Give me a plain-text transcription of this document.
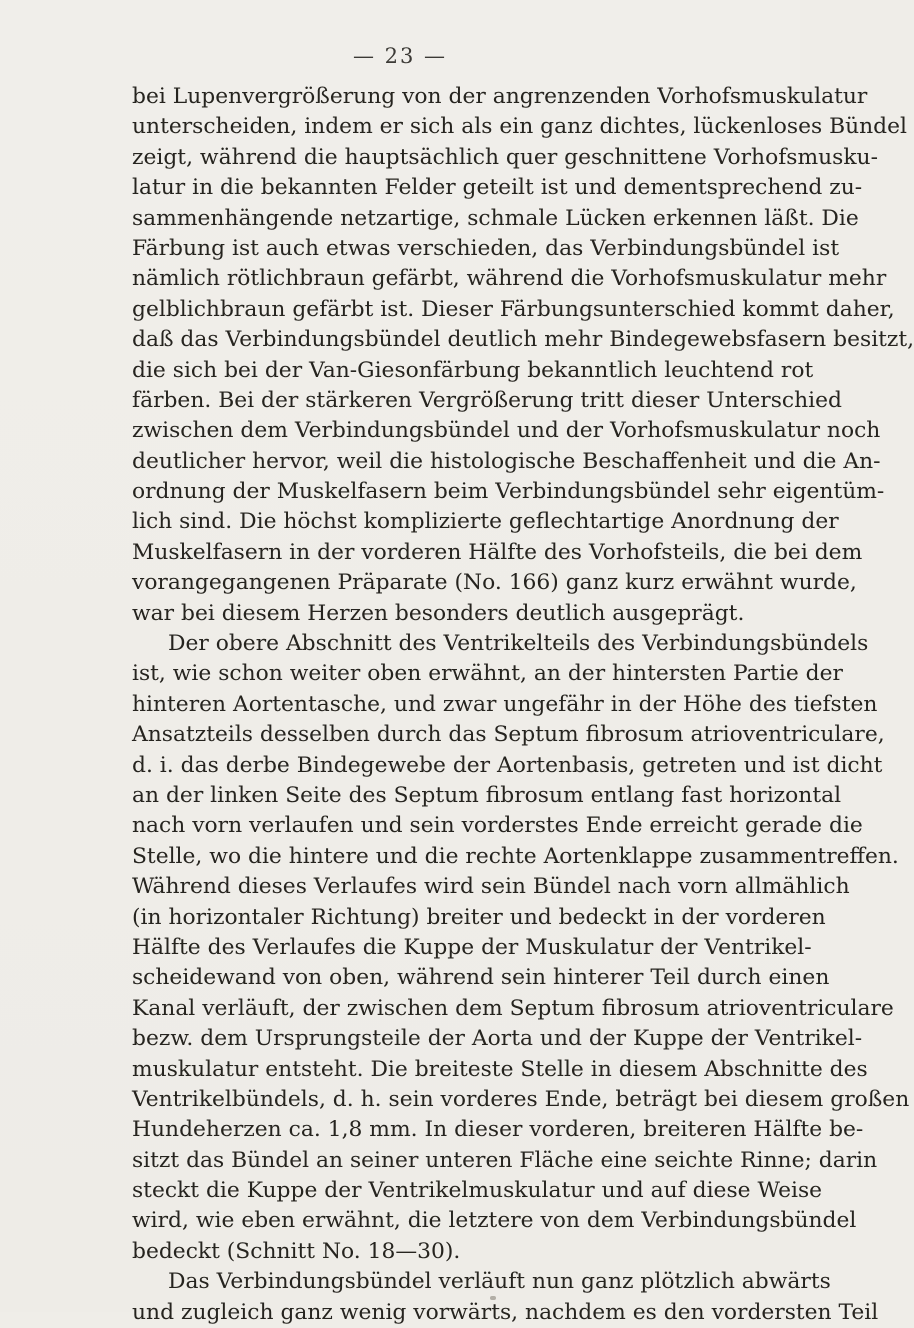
— 23 —
bei Lupenvergrößerung von der angrenzenden Vorhofsmuskulatur
unterscheiden, indem er sich als ein ganz dichtes, lückenloses Bündel
zeigt, während die hauptsächlich quer geschnittene Vorhofsmusku-
latur in die bekannten Felder geteilt ist und dementsprechend zu-
sammenhängende netzartige, schmale Lücken erkennen läßt. Die
Färbung ist auch etwas verschieden, das Verbindungsbündel ist
nämlich rötlichbraun gefärbt, während die Vorhofsmuskulatur mehr
gelblichbraun gefärbt ist. Dieser Färbungsunterschied kommt daher,
daß das Verbindungsbündel deutlich mehr Bindegewebsfasern besitzt,
die sich bei der Van-Giesonfärbung bekanntlich leuchtend rot
färben. Bei der stärkeren Vergrößerung tritt dieser Unterschied
zwischen dem Verbindungsbündel und der Vorhofsmuskulatur noch
deutlicher hervor, weil die histologische Beschaffenheit und die An-
ordnung der Muskelfasern beim Verbindungsbündel sehr eigentüm-
lich sind. Die höchst komplizierte geflechtartige Anordnung der
Muskelfasern in der vorderen Hälfte des Vorhofsteils, die bei dem
vorangegangenen Präparate (No. 166) ganz kurz erwähnt wurde,
war bei diesem Herzen besonders deutlich ausgeprägt.
Der obere Abschnitt des Ventrikelteils des Verbindungsbündels
ist, wie schon weiter oben erwähnt, an der hintersten Partie der
hinteren Aortentasche, und zwar ungefähr in der Höhe des tiefsten
Ansatzteils desselben durch das Septum fibrosum atrioventriculare,
d. i. das derbe Bindegewebe der Aortenbasis, getreten und ist dicht
an der linken Seite des Septum fibrosum entlang fast horizontal
nach vorn verlaufen und sein vorderstes Ende erreicht gerade die
Stelle, wo die hintere und die rechte Aortenklappe zusammentreffen.
Während dieses Verlaufes wird sein Bündel nach vorn allmählich
(in horizontaler Richtung) breiter und bedeckt in der vorderen
Hälfte des Verlaufes die Kuppe der Muskulatur der Ventrikel-
scheidewand von oben, während sein hinterer Teil durch einen
Kanal verläuft, der zwischen dem Septum fibrosum atrioventriculare
bezw. dem Ursprungsteile der Aorta und der Kuppe der Ventrikel-
muskulatur entsteht. Die breiteste Stelle in diesem Abschnitte des
Ventrikelbündels, d. h. sein vorderes Ende, beträgt bei diesem großen
Hundeherzen ca. 1,8 mm. In dieser vorderen, breiteren Hälfte be-
sitzt das Bündel an seiner unteren Fläche eine seichte Rinne; darin
steckt die Kuppe der Ventrikelmuskulatur und auf diese Weise
wird, wie eben erwähnt, die letztere von dem Verbindungsbündel
bedeckt (Schnitt No. 18—30).
Das Verbindungsbündel verläuft nun ganz plötzlich abwärts
und zugleich ganz wenig vorwärts, nachdem es den vordersten Teil
